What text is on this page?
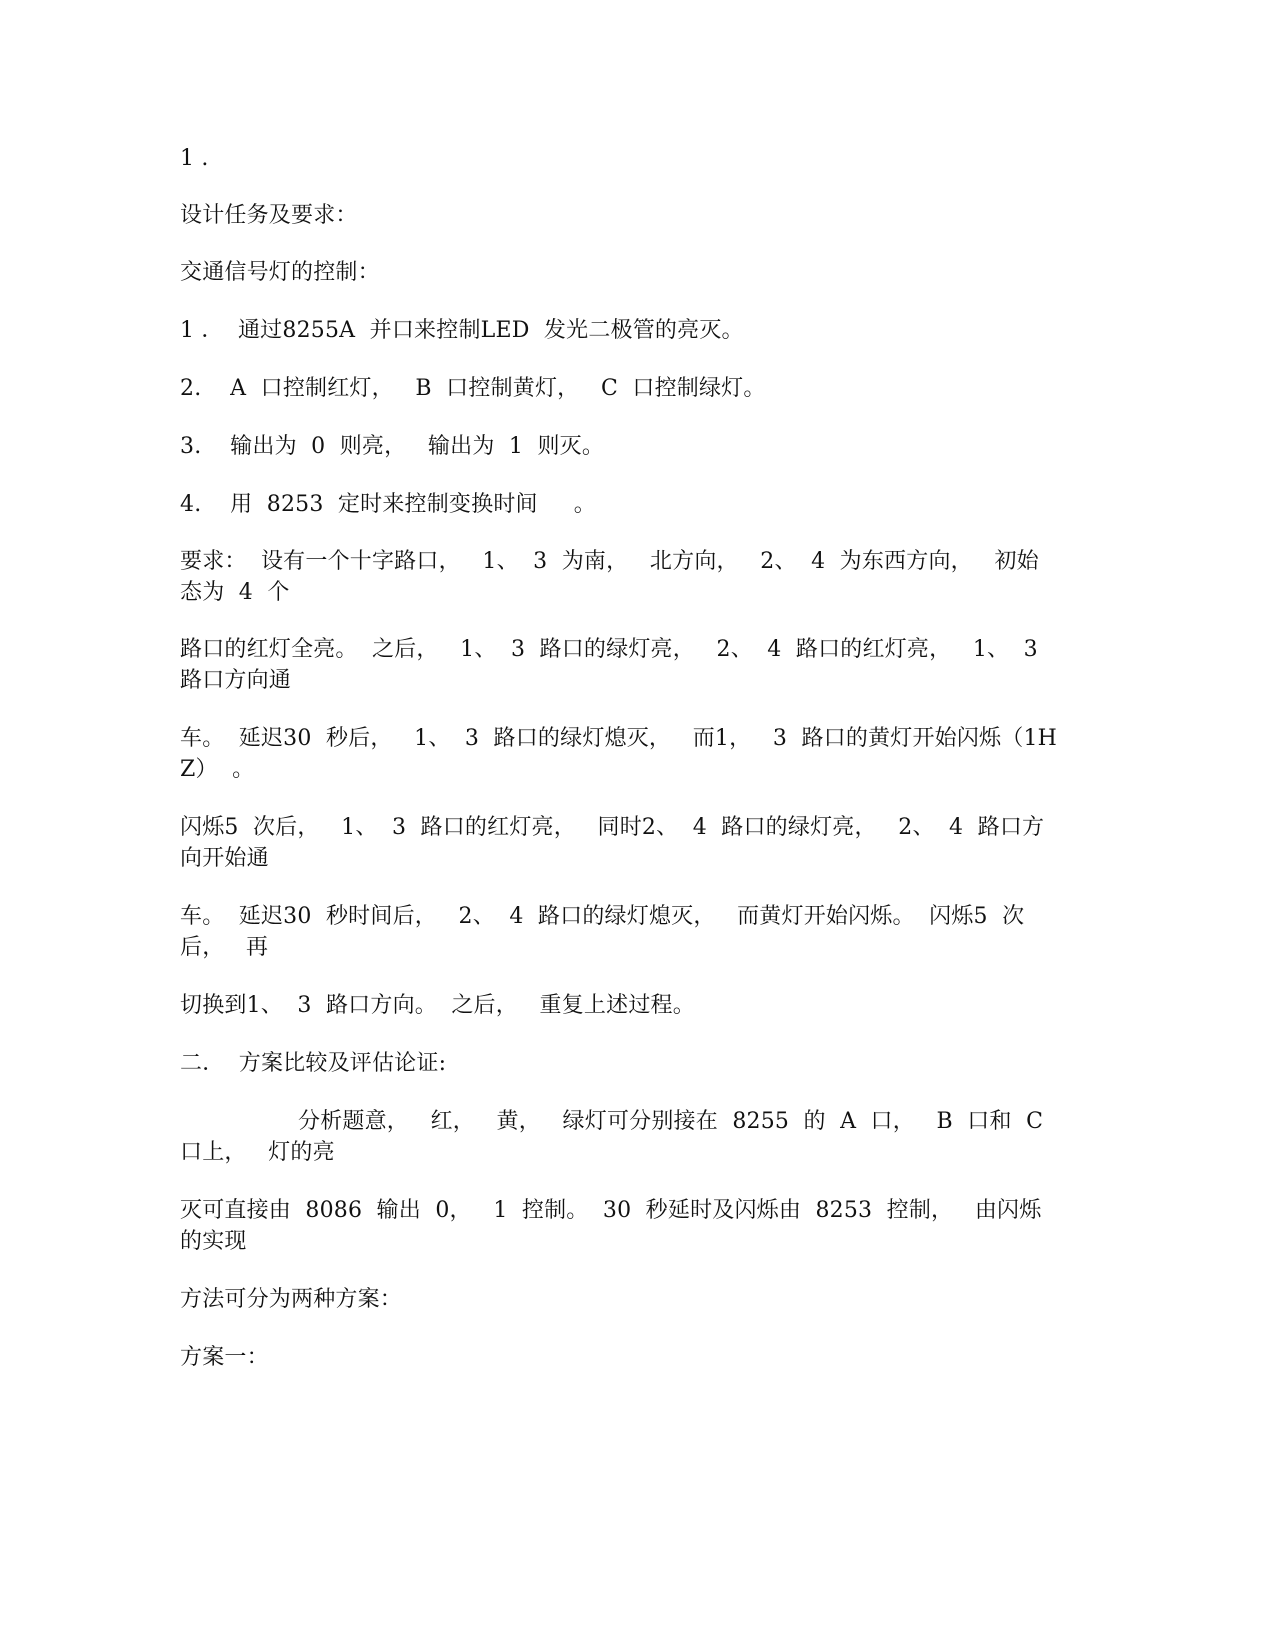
1 .
设计任务及要求：
交通信号灯的控制：
1 ．  通过8255A  并口来控制LED  发光二极管的亮灭。
2.    A  口控制红灯，   B  口控制黄灯，   C  口控制绿灯。
3.    输出为  0  则亮，   输出为  1  则灭。
4.    用  8253  定时来控制变换时间     。
要求：  设有一个十字路口，   1、  3  为南，   北方向，   2、  4  为东西方向，   初始态为  4  个
路口的红灯全亮。  之后，   1、  3  路口的绿灯亮，   2、  4  路口的红灯亮，   1、  3  路口方向通
车。  延迟30  秒后，   1、  3  路口的绿灯熄灭，   而1，   3  路口的黄灯开始闪烁（1HZ）  。
闪烁5  次后，   1、  3  路口的红灯亮，   同时2、  4  路口的绿灯亮，   2、  4  路口方向开始通
车。  延迟30  秒时间后，   2、  4  路口的绿灯熄灭，   而黄灯开始闪烁。  闪烁5  次后，   再
切换到1、  3  路口方向。  之后，   重复上述过程。
二．  方案比较及评估论证:
分析题意，   红，   黄，   绿灯可分别接在  8255  的  A  口，   B  口和  C  口上，   灯的亮
灭可直接由  8086  输出  0，   1  控制。  30  秒延时及闪烁由  8253  控制，   由闪烁的实现
方法可分为两种方案：
方案一：
